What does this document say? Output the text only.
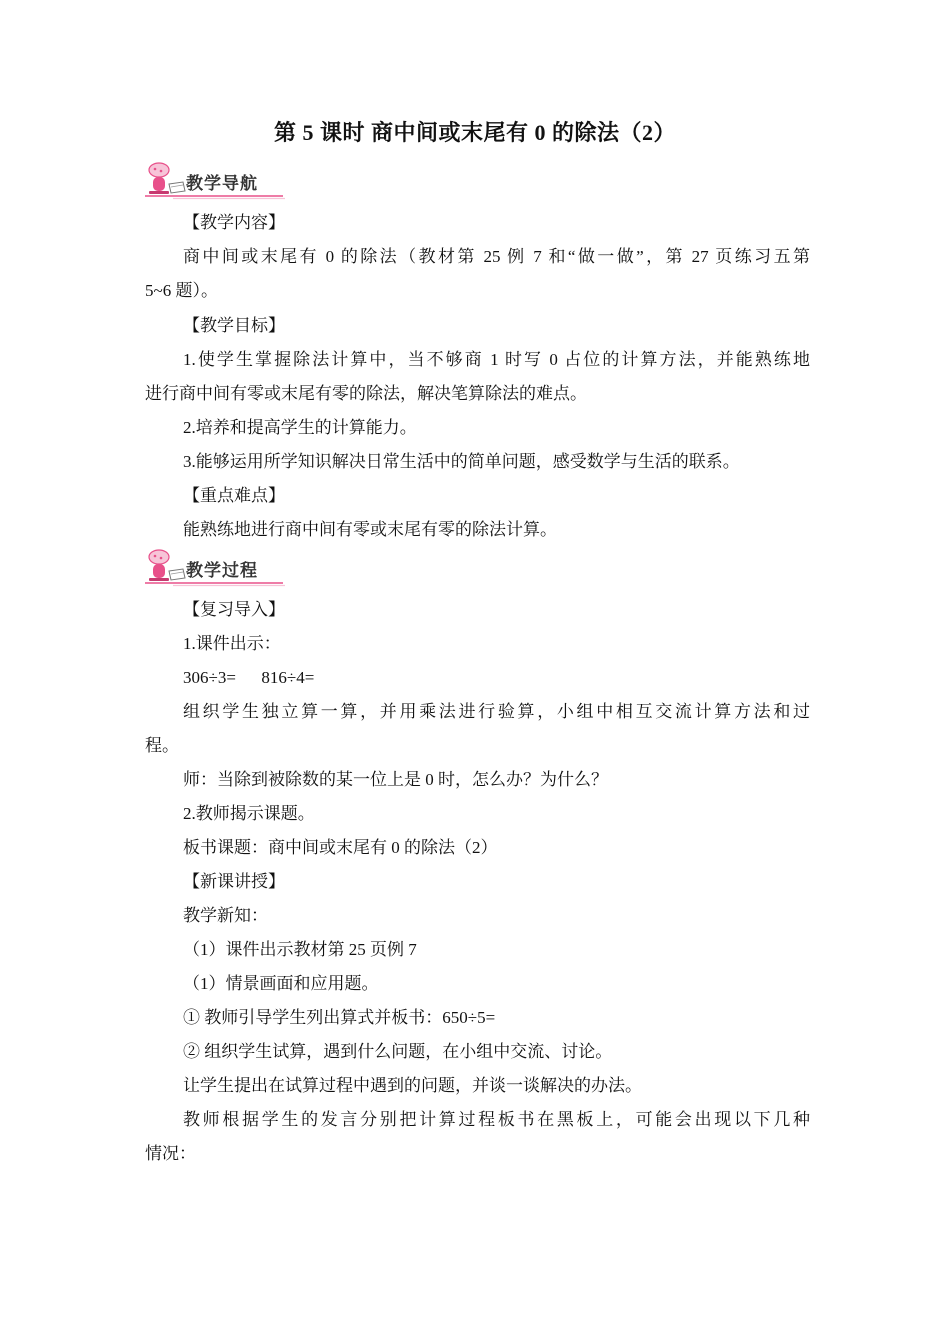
第 5 课时 商中间或末尾有 0 的除法（2）
教学导航
教学过程
【教学内容】
商中间或末尾有 0 的除法（教材第 25 例 7 和“做一做”，第 27 页练习五第
5~6 题）。
【教学目标】
1.使学生掌握除法计算中，当不够商 1 时写 0 占位的计算方法，并能熟练地
进行商中间有零或末尾有零的除法，解决笔算除法的难点。
2.培养和提高学生的计算能力。
3.能够运用所学知识解决日常生活中的简单问题，感受数学与生活的联系。
【重点难点】
能熟练地进行商中间有零或末尾有零的除法计算。
【复习导入】
1.课件出示：
306÷3=      816÷4=
组织学生独立算一算，并用乘法进行验算，小组中相互交流计算方法和过
程。
师：当除到被除数的某一位上是 0 时，怎么办？为什么？
2.教师揭示课题。
板书课题：商中间或末尾有 0 的除法（2）
【新课讲授】
教学新知：
（1）课件出示教材第 25 页例 7
（1）情景画面和应用题。
① 教师引导学生列出算式并板书：650÷5=
② 组织学生试算，遇到什么问题，在小组中交流、讨论。
让学生提出在试算过程中遇到的问题，并谈一谈解决的办法。
教师根据学生的发言分别把计算过程板书在黑板上，可能会出现以下几种
情况：
